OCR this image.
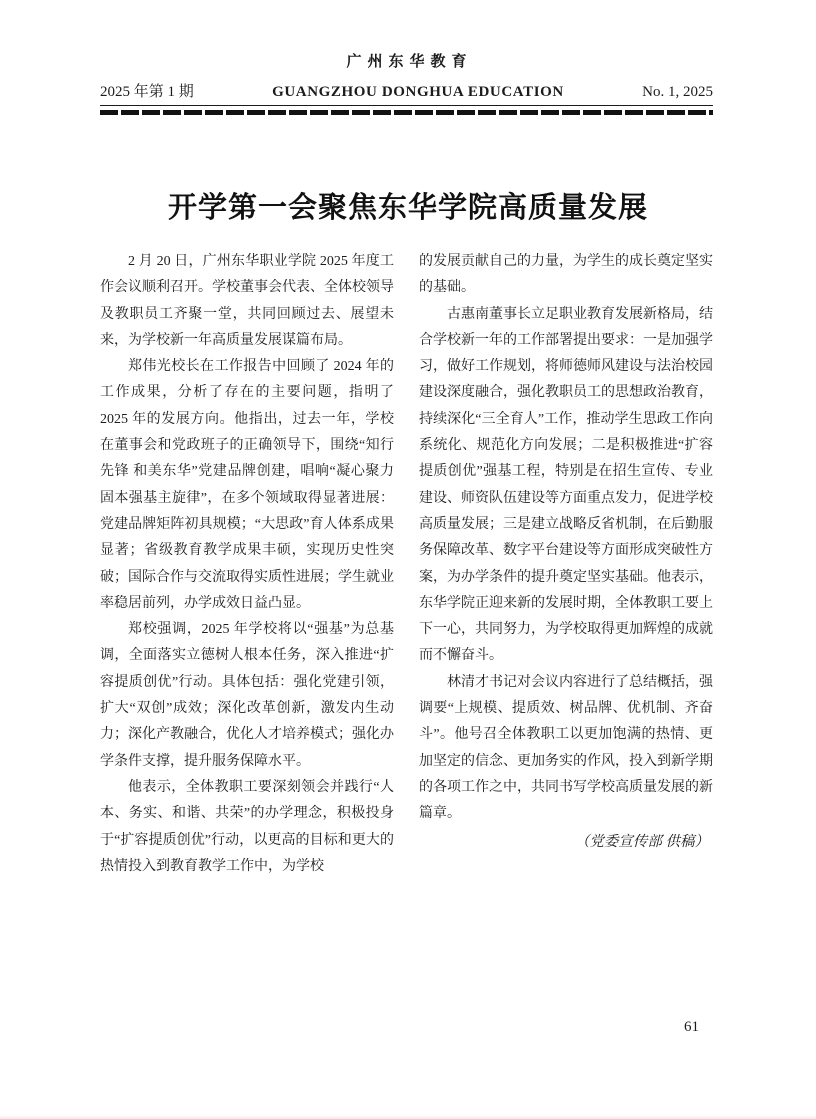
广州东华教育
2025 年第 1 期	GUANGZHOU DONGHUA EDUCATION	No. 1, 2025
开学第一会聚焦东华学院高质量发展

2 月 20 日，广州东华职业学院 2025 年度工作会议顺利召开。学校董事会代表、全体校领导及教职员工齐聚一堂，共同回顾过去、展望未来，为学校新一年高质量发展谋篇布局。

郑伟光校长在工作报告中回顾了 2024 年的工作成果，分析了存在的主要问题，指明了 2025 年的发展方向。他指出，过去一年，学校在董事会和党政班子的正确领导下，围绕“知行先锋 和美东华”党建品牌创建，唱响“凝心聚力固本强基主旋律”，在多个领域取得显著进展：党建品牌矩阵初具规模；“大思政”育人体系成果显著；省级教育教学成果丰硕，实现历史性突破；国际合作与交流取得实质性进展；学生就业率稳居前列，办学成效日益凸显。

郑校强调，2025 年学校将以“强基”为总基调，全面落实立德树人根本任务，深入推进“扩容提质创优”行动。具体包括：强化党建引领，扩大“双创”成效；深化改革创新，激发内生动力；深化产教融合，优化人才培养模式；强化办学条件支撑，提升服务保障水平。

他表示，全体教职工要深刻领会并践行“人本、务实、和谐、共荣”的办学理念，积极投身于“扩容提质创优”行动，以更高的目标和更大的热情投入到教育教学工作中，为学校

的发展贡献自己的力量，为学生的成长奠定坚实的基础。

古惠南董事长立足职业教育发展新格局，结合学校新一年的工作部署提出要求：一是加强学习，做好工作规划，将师德师风建设与法治校园建设深度融合，强化教职员工的思想政治教育，持续深化“三全育人”工作，推动学生思政工作向系统化、规范化方向发展；二是积极推进“扩容提质创优”强基工程，特别是在招生宣传、专业建设、师资队伍建设等方面重点发力，促进学校高质量发展；三是建立战略反省机制，在后勤服务保障改革、数字平台建设等方面形成突破性方案，为办学条件的提升奠定坚实基础。他表示，东华学院正迎来新的发展时期，全体教职工要上下一心，共同努力，为学校取得更加辉煌的成就而不懈奋斗。

林清才书记对会议内容进行了总结概括，强调要“上规模、提质效、树品牌、优机制、齐奋斗”。他号召全体教职工以更加饱满的热情、更加坚定的信念、更加务实的作风，投入到新学期的各项工作之中，共同书写学校高质量发展的新篇章。

（党委宣传部 供稿）

61
